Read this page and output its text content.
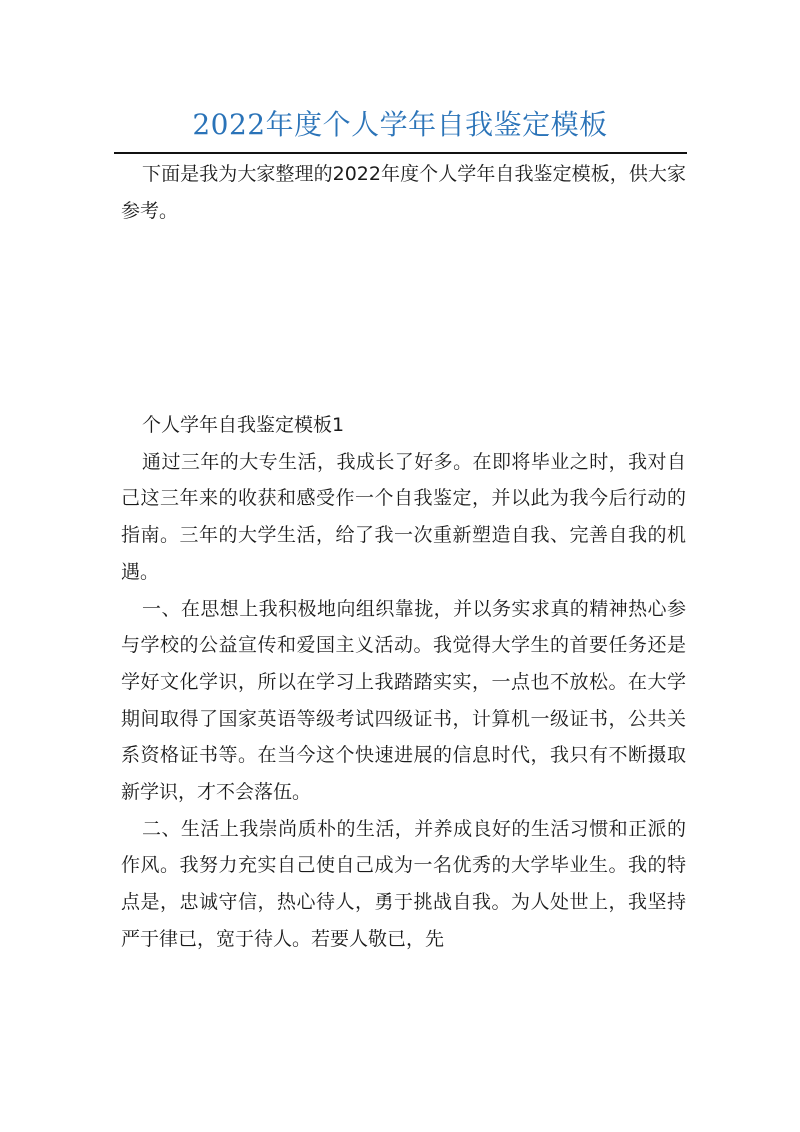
2022年度个人学年自我鉴定模板

下面是我为大家整理的2022年度个人学年自我鉴定模板，供大家参考。

个人学年自我鉴定模板1

通过三年的大专生活，我成长了好多。在即将毕业之时，我对自己这三年来的收获和感受作一个自我鉴定，并以此为我今后行动的指南。三年的大学生活，给了我一次重新塑造自我、完善自我的机遇。

一、在思想上我积极地向组织靠拢，并以务实求真的精神热心参与学校的公益宣传和爱国主义活动。我觉得大学生的首要任务还是学好文化学识，所以在学习上我踏踏实实，一点也不放松。在大学期间取得了国家英语等级考试四级证书，计算机一级证书，公共关系资格证书等。在当今这个快速进展的信息时代，我只有不断摄取新学识，才不会落伍。

二、生活上我崇尚质朴的生活，并养成良好的生活习惯和正派的作风。我努力充实自己使自己成为一名优秀的大学毕业生。我的特点是，忠诚守信，热心待人，勇于挑战自我。为人处世上，我坚持严于律已，宽于待人。若要人敬已，先
